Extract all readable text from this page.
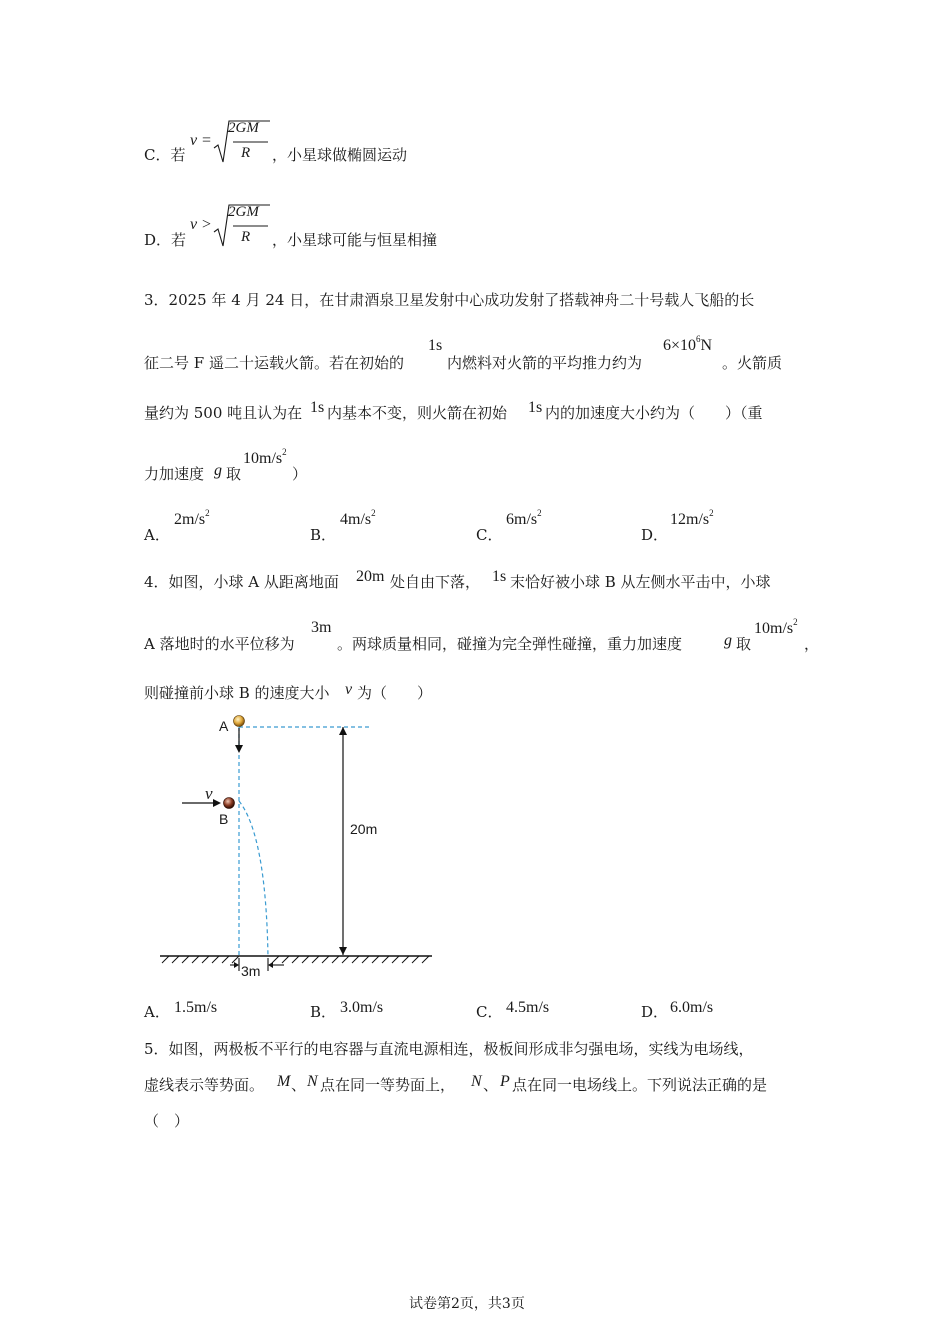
C．若
v =
2GM
R ，小星球做椭圆运动
D．若
v >
2GM
R ，小星球可能与恒星相撞
3．2025 年 4 月 24 日，在甘肃酒泉卫星发射中心成功发射了搭载神舟二十号载人飞船的长
征二号 F 遥二十运载火箭。若在初始的
1s
内燃料对火箭的平均推力约为
$6\times 10^6N$
。火箭质
量约为 500 吨且认为在 1s 内基本不变，则火箭在初始 1s 内的加速度大小约为（　　）（重
力加速度 g 取
$10m/s^2$
）
A．
$2m/s^2$
B．
$4m/s^2$
C．
$6m/s^2$
D．
$12m/s^2$
4．如图，小球 A 从距离地面 20m 处自由下落， 1s 末恰好被小球 B 从左侧水平击中，小球
A 落地时的水平位移为
3m
。两球质量相同，碰撞为完全弹性碰撞，重力加速度	g 取
$10m/s^2$
，
则碰撞前小球 B 的速度大小 v 为（　　）
A
B
v
20m
3m
A． 1.5m/s	B． 3.0m/s	C． 4.5m/s	D． 6.0m/s
5．如图，两极板不平行的电容器与直流电源相连，极板间形成非匀强电场，实线为电场线，
虚线表示等势面。 M 、 N 点在同一等势面上， N 、 P 点在同一电场线上。下列说法正确的是
（　）
试卷第2页，共3页
